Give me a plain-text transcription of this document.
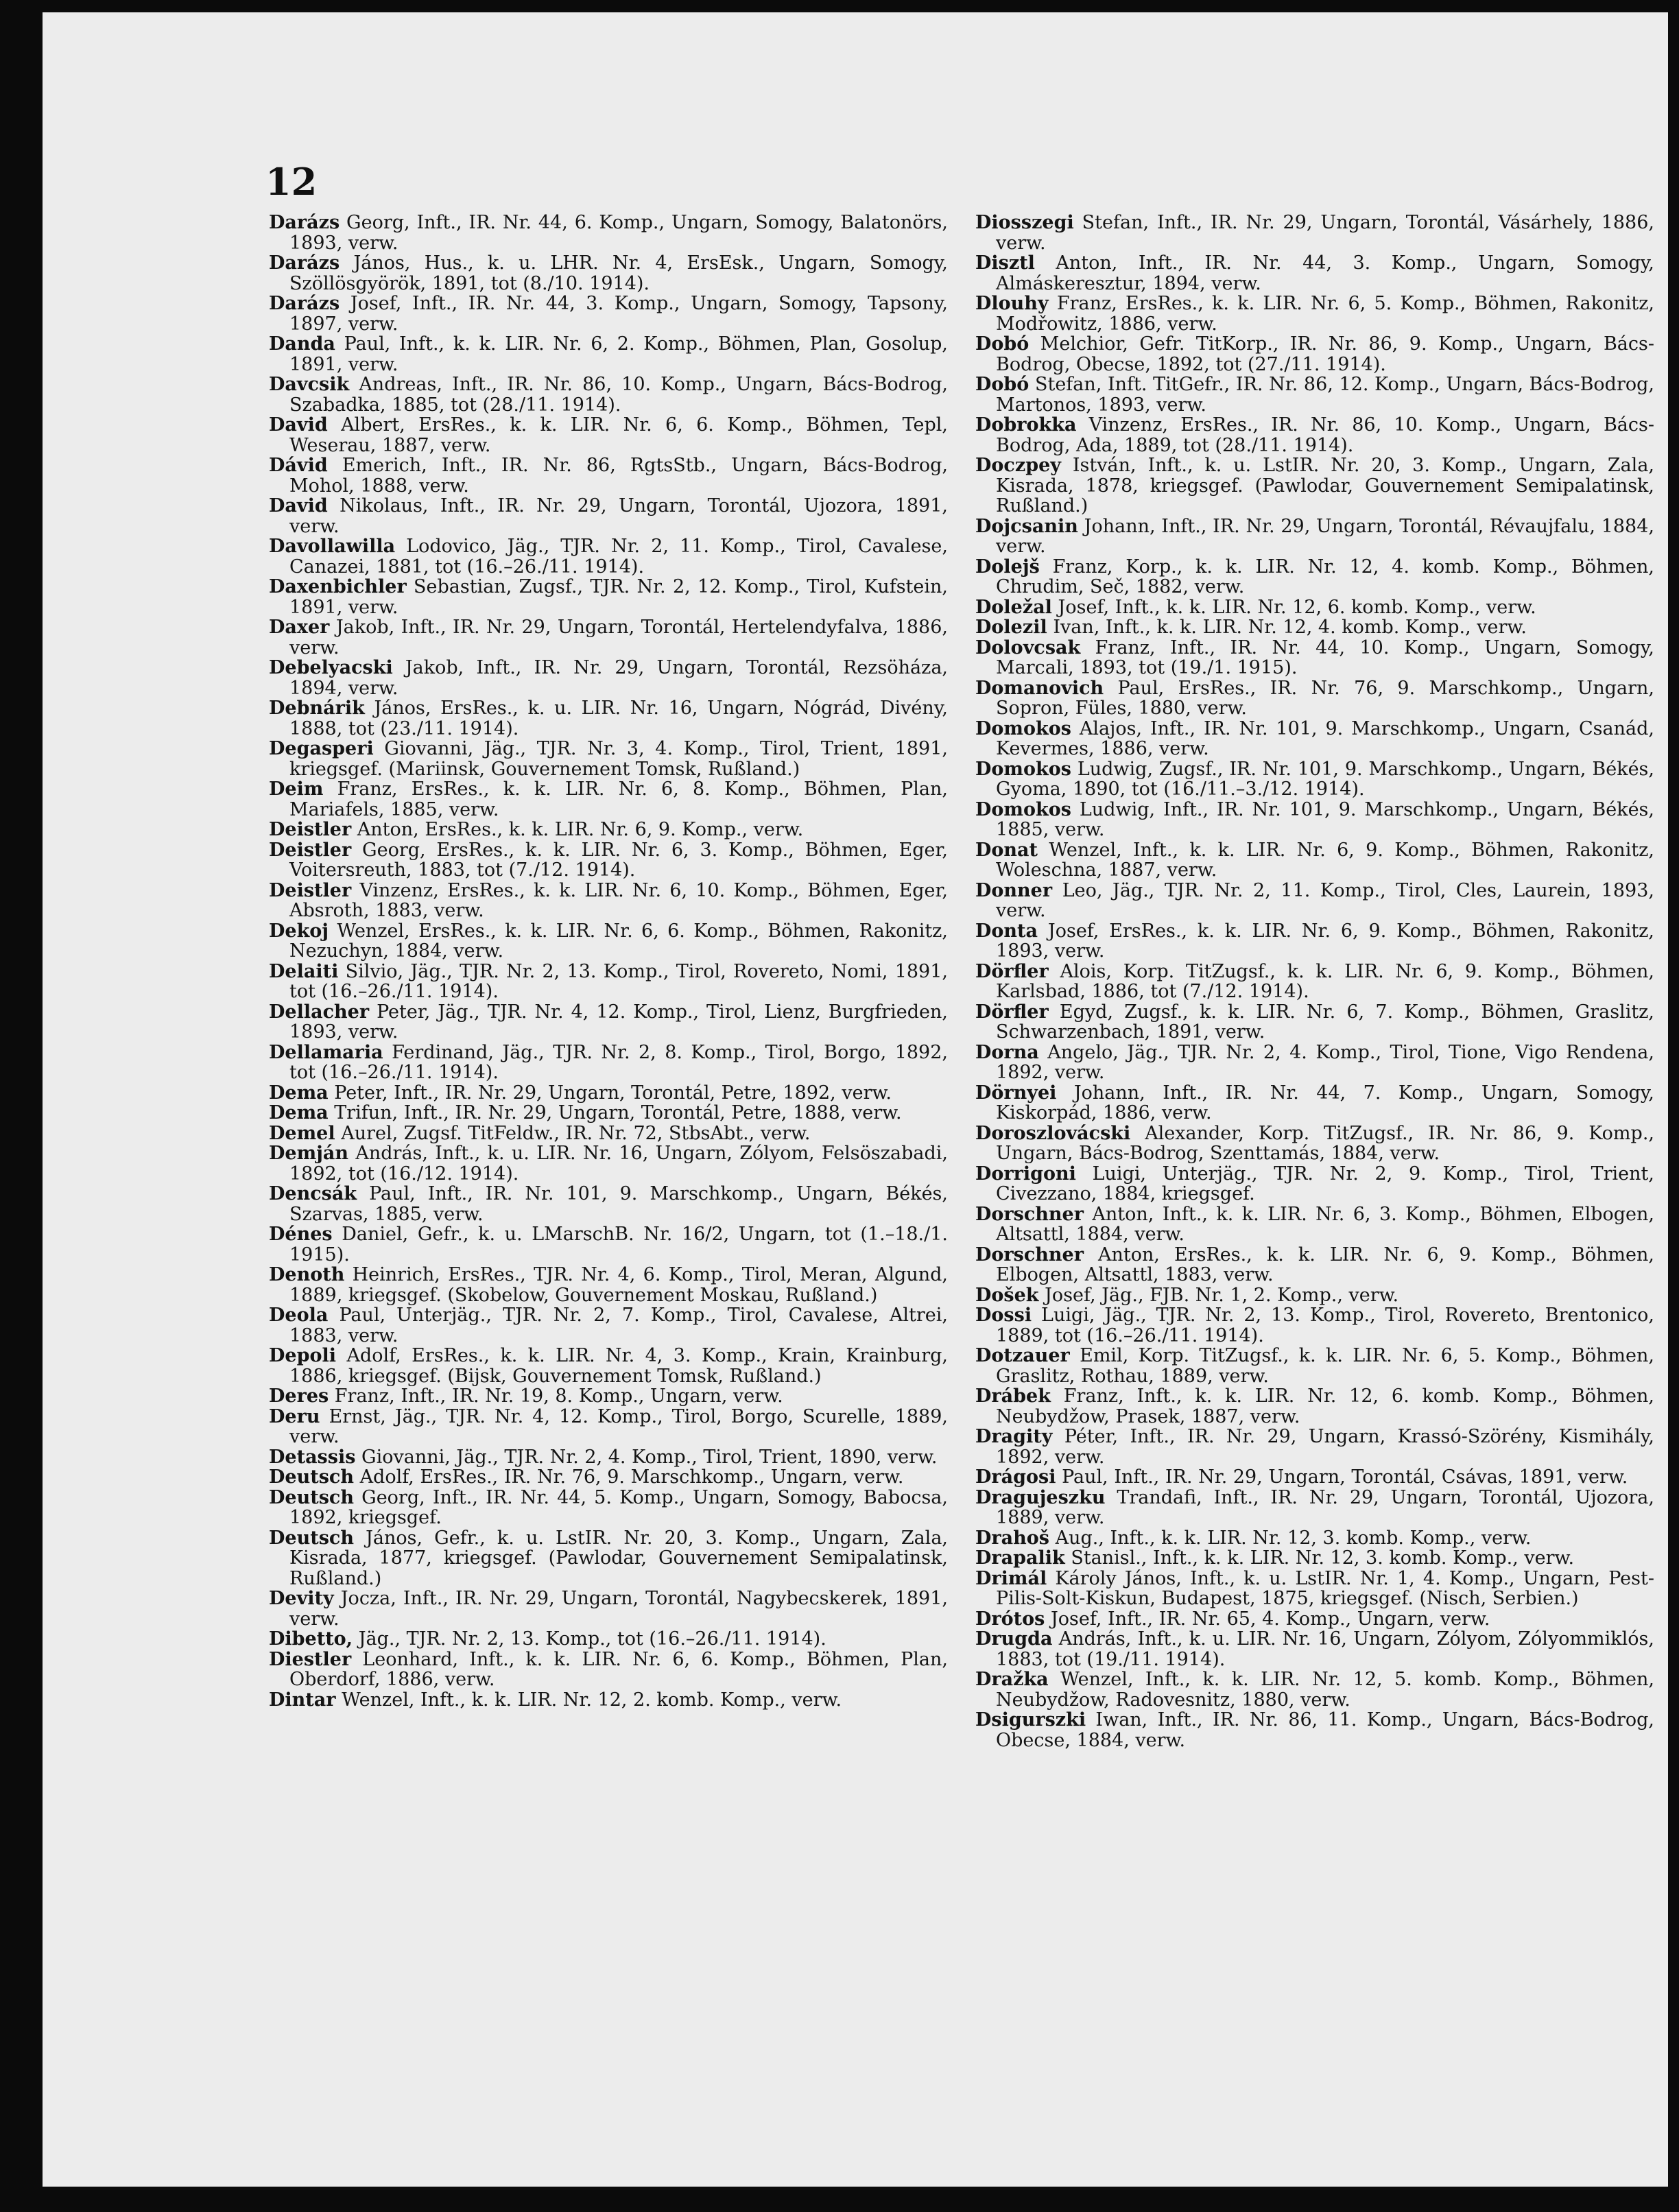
12
Darázs Georg, Inft., IR. Nr. 44, 6. Komp., Ungarn, Somogy, Balatonörs, 1893, verw.
Darázs János, Hus., k. u. LHR. Nr. 4, ErsEsk., Ungarn, Somogy, Szöllösgyörök, 1891, tot (8./10. 1914).
Darázs Josef, Inft., IR. Nr. 44, 3. Komp., Ungarn, Somogy, Tapsony, 1897, verw.
Danda Paul, Inft., k. k. LIR. Nr. 6, 2. Komp., Böhmen, Plan, Gosolup, 1891, verw.
Davcsik Andreas, Inft., IR. Nr. 86, 10. Komp., Ungarn, Bács-Bodrog, Szabadka, 1885, tot (28./11. 1914).
David Albert, ErsRes., k. k. LIR. Nr. 6, 6. Komp., Böhmen, Tepl, Weserau, 1887, verw.
Dávid Emerich, Inft., IR. Nr. 86, RgtsStb., Ungarn, Bács-Bodrog, Mohol, 1888, verw.
David Nikolaus, Inft., IR. Nr. 29, Ungarn, Torontál, Ujozora, 1891, verw.
Davollawilla Lodovico, Jäg., TJR. Nr. 2, 11. Komp., Tirol, Cavalese, Canazei, 1881, tot (16.–26./11. 1914).
Daxenbichler Sebastian, Zugsf., TJR. Nr. 2, 12. Komp., Tirol, Kufstein, 1891, verw.
Daxer Jakob, Inft., IR. Nr. 29, Ungarn, Torontál, Hertelendyfalva, 1886, verw.
Debelyacski Jakob, Inft., IR. Nr. 29, Ungarn, Torontál, Rezsöháza, 1894, verw.
Debnárik János, ErsRes., k. u. LIR. Nr. 16, Ungarn, Nógrád, Divény, 1888, tot (23./11. 1914).
Degasperi Giovanni, Jäg., TJR. Nr. 3, 4. Komp., Tirol, Trient, 1891, kriegsgef. (Mariinsk, Gouvernement Tomsk, Rußland.)
Deim Franz, ErsRes., k. k. LIR. Nr. 6, 8. Komp., Böhmen, Plan, Mariafels, 1885, verw.
Deistler Anton, ErsRes., k. k. LIR. Nr. 6, 9. Komp., verw.
Deistler Georg, ErsRes., k. k. LIR. Nr. 6, 3. Komp., Böhmen, Eger, Voitersreuth, 1883, tot (7./12. 1914).
Deistler Vinzenz, ErsRes., k. k. LIR. Nr. 6, 10. Komp., Böhmen, Eger, Absroth, 1883, verw.
Dekoj Wenzel, ErsRes., k. k. LIR. Nr. 6, 6. Komp., Böhmen, Rakonitz, Nezuchyn, 1884, verw.
Delaiti Silvio, Jäg., TJR. Nr. 2, 13. Komp., Tirol, Rovereto, Nomi, 1891, tot (16.–26./11. 1914).
Dellacher Peter, Jäg., TJR. Nr. 4, 12. Komp., Tirol, Lienz, Burgfrieden, 1893, verw.
Dellamaria Ferdinand, Jäg., TJR. Nr. 2, 8. Komp., Tirol, Borgo, 1892, tot (16.–26./11. 1914).
Dema Peter, Inft., IR. Nr. 29, Ungarn, Torontál, Petre, 1892, verw.
Dema Trifun, Inft., IR. Nr. 29, Ungarn, Torontál, Petre, 1888, verw.
Demel Aurel, Zugsf. TitFeldw., IR. Nr. 72, StbsAbt., verw.
Demján András, Inft., k. u. LIR. Nr. 16, Ungarn, Zólyom, Felsöszabadi, 1892, tot (16./12. 1914).
Dencsák Paul, Inft., IR. Nr. 101, 9. Marschkomp., Ungarn, Békés, Szarvas, 1885, verw.
Dénes Daniel, Gefr., k. u. LMarschB. Nr. 16/2, Ungarn, tot (1.–18./1. 1915).
Denoth Heinrich, ErsRes., TJR. Nr. 4, 6. Komp., Tirol, Meran, Algund, 1889, kriegsgef. (Skobelow, Gouvernement Moskau, Rußland.)
Deola Paul, Unterjäg., TJR. Nr. 2, 7. Komp., Tirol, Cavalese, Altrei, 1883, verw.
Depoli Adolf, ErsRes., k. k. LIR. Nr. 4, 3. Komp., Krain, Krainburg, 1886, kriegsgef. (Bijsk, Gouvernement Tomsk, Rußland.)
Deres Franz, Inft., IR. Nr. 19, 8. Komp., Ungarn, verw.
Deru Ernst, Jäg., TJR. Nr. 4, 12. Komp., Tirol, Borgo, Scurelle, 1889, verw.
Detassis Giovanni, Jäg., TJR. Nr. 2, 4. Komp., Tirol, Trient, 1890, verw.
Deutsch Adolf, ErsRes., IR. Nr. 76, 9. Marschkomp., Ungarn, verw.
Deutsch Georg, Inft., IR. Nr. 44, 5. Komp., Ungarn, Somogy, Babocsa, 1892, kriegsgef.
Deutsch János, Gefr., k. u. LstIR. Nr. 20, 3. Komp., Ungarn, Zala, Kisrada, 1877, kriegsgef. (Pawlodar, Gouvernement Semipalatinsk, Rußland.)
Devity Jocza, Inft., IR. Nr. 29, Ungarn, Torontál, Nagybecskerek, 1891, verw.
Dibetto, Jäg., TJR. Nr. 2, 13. Komp., tot (16.–26./11. 1914).
Diestler Leonhard, Inft., k. k. LIR. Nr. 6, 6. Komp., Böhmen, Plan, Oberdorf, 1886, verw.
Dintar Wenzel, Inft., k. k. LIR. Nr. 12, 2. komb. Komp., verw.
Diosszegi Stefan, Inft., IR. Nr. 29, Ungarn, Torontál, Vásárhely, 1886, verw.
Disztl Anton, Inft., IR. Nr. 44, 3. Komp., Ungarn, Somogy, Almáskeresztur, 1894, verw.
Dlouhy Franz, ErsRes., k. k. LIR. Nr. 6, 5. Komp., Böhmen, Rakonitz, Modřowitz, 1886, verw.
Dobó Melchior, Gefr. TitKorp., IR. Nr. 86, 9. Komp., Ungarn, Bács-Bodrog, Obecse, 1892, tot (27./11. 1914).
Dobó Stefan, Inft. TitGefr., IR. Nr. 86, 12. Komp., Ungarn, Bács-Bodrog, Martonos, 1893, verw.
Dobrokka Vinzenz, ErsRes., IR. Nr. 86, 10. Komp., Ungarn, Bács-Bodrog, Ada, 1889, tot (28./11. 1914).
Doczpey István, Inft., k. u. LstIR. Nr. 20, 3. Komp., Ungarn, Zala, Kisrada, 1878, kriegsgef. (Pawlodar, Gouvernement Semipalatinsk, Rußland.)
Dojcsanin Johann, Inft., IR. Nr. 29, Ungarn, Torontál, Révaujfalu, 1884, verw.
Dolejš Franz, Korp., k. k. LIR. Nr. 12, 4. komb. Komp., Böhmen, Chrudim, Seč, 1882, verw.
Doležal Josef, Inft., k. k. LIR. Nr. 12, 6. komb. Komp., verw.
Dolezil Ivan, Inft., k. k. LIR. Nr. 12, 4. komb. Komp., verw.
Dolovcsak Franz, Inft., IR. Nr. 44, 10. Komp., Ungarn, Somogy, Marcali, 1893, tot (19./1. 1915).
Domanovich Paul, ErsRes., IR. Nr. 76, 9. Marschkomp., Ungarn, Sopron, Füles, 1880, verw.
Domokos Alajos, Inft., IR. Nr. 101, 9. Marschkomp., Ungarn, Csanád, Kevermes, 1886, verw.
Domokos Ludwig, Zugsf., IR. Nr. 101, 9. Marschkomp., Ungarn, Békés, Gyoma, 1890, tot (16./11.–3./12. 1914).
Domokos Ludwig, Inft., IR. Nr. 101, 9. Marschkomp., Ungarn, Békés, 1885, verw.
Donat Wenzel, Inft., k. k. LIR. Nr. 6, 9. Komp., Böhmen, Rakonitz, Woleschna, 1887, verw.
Donner Leo, Jäg., TJR. Nr. 2, 11. Komp., Tirol, Cles, Laurein, 1893, verw.
Donta Josef, ErsRes., k. k. LIR. Nr. 6, 9. Komp., Böhmen, Rakonitz, 1893, verw.
Dörfler Alois, Korp. TitZugsf., k. k. LIR. Nr. 6, 9. Komp., Böhmen, Karlsbad, 1886, tot (7./12. 1914).
Dörfler Egyd, Zugsf., k. k. LIR. Nr. 6, 7. Komp., Böhmen, Graslitz, Schwarzenbach, 1891, verw.
Dorna Angelo, Jäg., TJR. Nr. 2, 4. Komp., Tirol, Tione, Vigo Rendena, 1892, verw.
Dörnyei Johann, Inft., IR. Nr. 44, 7. Komp., Ungarn, Somogy, Kiskorpád, 1886, verw.
Doroszlovácski Alexander, Korp. TitZugsf., IR. Nr. 86, 9. Komp., Ungarn, Bács-Bodrog, Szenttamás, 1884, verw.
Dorrigoni Luigi, Unterjäg., TJR. Nr. 2, 9. Komp., Tirol, Trient, Civezzano, 1884, kriegsgef.
Dorschner Anton, Inft., k. k. LIR. Nr. 6, 3. Komp., Böhmen, Elbogen, Altsattl, 1884, verw.
Dorschner Anton, ErsRes., k. k. LIR. Nr. 6, 9. Komp., Böhmen, Elbogen, Altsattl, 1883, verw.
Došek Josef, Jäg., FJB. Nr. 1, 2. Komp., verw.
Dossi Luigi, Jäg., TJR. Nr. 2, 13. Komp., Tirol, Rovereto, Brentonico, 1889, tot (16.–26./11. 1914).
Dotzauer Emil, Korp. TitZugsf., k. k. LIR. Nr. 6, 5. Komp., Böhmen, Graslitz, Rothau, 1889, verw.
Drábek Franz, Inft., k. k. LIR. Nr. 12, 6. komb. Komp., Böhmen, Neubydžow, Prasek, 1887, verw.
Dragity Péter, Inft., IR. Nr. 29, Ungarn, Krassó-Szörény, Kismihály, 1892, verw.
Drágosi Paul, Inft., IR. Nr. 29, Ungarn, Torontál, Csávas, 1891, verw.
Dragujeszku Trandafi, Inft., IR. Nr. 29, Ungarn, Torontál, Ujozora, 1889, verw.
Drahoš Aug., Inft., k. k. LIR. Nr. 12, 3. komb. Komp., verw.
Drapalik Stanisl., Inft., k. k. LIR. Nr. 12, 3. komb. Komp., verw.
Drimál Károly János, Inft., k. u. LstIR. Nr. 1, 4. Komp., Ungarn, Pest-Pilis-Solt-Kiskun, Budapest, 1875, kriegsgef. (Nisch, Serbien.)
Drótos Josef, Inft., IR. Nr. 65, 4. Komp., Ungarn, verw.
Drugda András, Inft., k. u. LIR. Nr. 16, Ungarn, Zólyom, Zólyommiklós, 1883, tot (19./11. 1914).
Dražka Wenzel, Inft., k. k. LIR. Nr. 12, 5. komb. Komp., Böhmen, Neubydžow, Radovesnitz, 1880, verw.
Dsigurszki Iwan, Inft., IR. Nr. 86, 11. Komp., Ungarn, Bács-Bodrog, Obecse, 1884, verw.
